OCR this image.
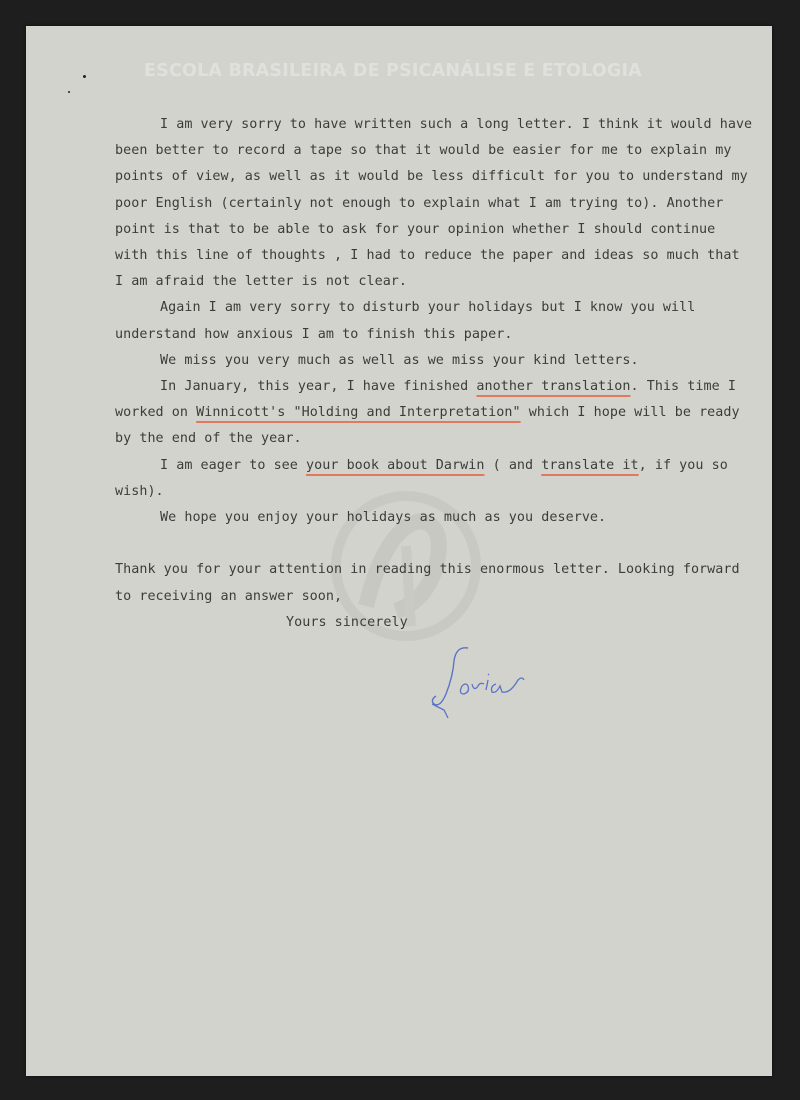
ESCOLA BRASILEIRA DE PSICANÁLISE E ETOLOGIA

I am very sorry to have written such a long letter. I think it would have been better to record a tape so that it would be easier for me to explain my points of view, as well as it would be less difficult for you to understand my poor English (certainly not enough to explain what I am trying to). Another point is that to be able to ask for your opinion whether I should continue with this line of thoughts , I had to reduce the paper and ideas so much that I am afraid the letter is not clear.

Again I am very sorry to disturb your holidays but I know you will understand how anxious I am to finish this paper.

We miss you very much as well as we miss your kind letters.

In January, this year, I have finished another translation. This time I worked on Winnicott's "Holding and Interpretation" which I hope will be ready by the end of the year.

I am eager to see your book about Darwin ( and translate it, if you so wish).

We hope you enjoy your holidays as much as you deserve.

Thank you for your attention in reading this enormous letter. Looking forward to receiving an answer soon,

Yours sincerely
